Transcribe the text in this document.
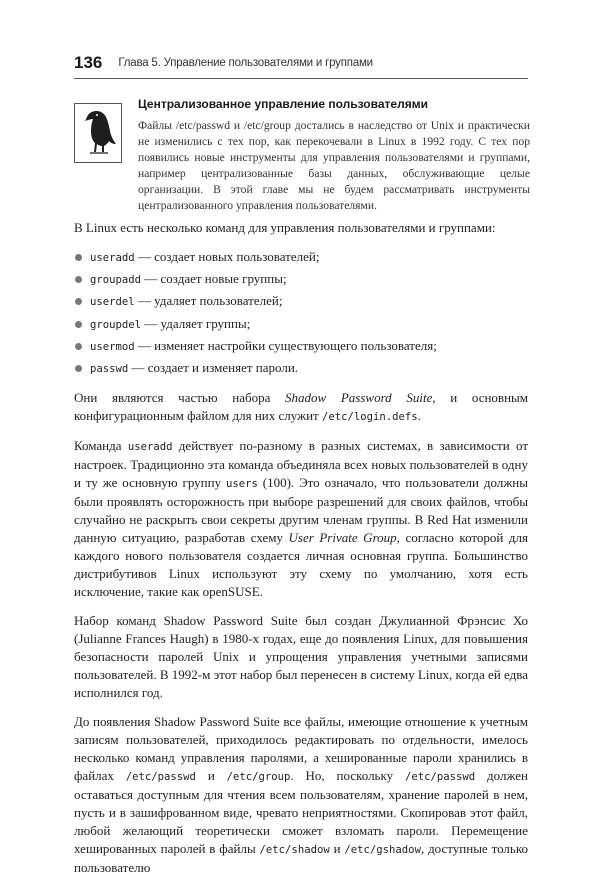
136 Глава 5. Управление пользователями и группами
Централизованное управление пользователями

Файлы /etc/passwd и /etc/group достались в наследство от Unix и практически не изменились с тех пор, как перекочевали в Linux в 1992 году. С тех пор появились новые инструменты для управления пользователями и группами, например централизованные базы данных, обслуживающие целые организации. В этой главе мы не будем рассматривать инструменты централизованного управления пользователями.

В Linux есть несколько команд для управления пользователями и группами:

useradd — создает новых пользователей;
groupadd — создает новые группы;
userdel — удаляет пользователей;
groupdel — удаляет группы;
usermod — изменяет настройки существующего пользователя;
passwd — создает и изменяет пароли.

Они являются частью набора Shadow Password Suite, и основным конфигурационным файлом для них служит /etc/login.defs.

Команда useradd действует по-разному в разных системах, в зависимости от настроек. Традиционно эта команда объединяла всех новых пользователей в одну и ту же основную группу users (100). Это означало, что пользователи должны были проявлять осторожность при выборе разрешений для своих файлов, чтобы случайно не раскрыть свои секреты другим членам группы. В Red Hat изменили данную ситуацию, разработав схему User Private Group, согласно которой для каждого нового пользователя создается личная основная группа. Большинство дистрибутивов Linux используют эту схему по умолчанию, хотя есть исключение, такие как openSUSE.

Набор команд Shadow Password Suite был создан Джулианной Фрэнсис Хо (Julianne Frances Haugh) в 1980-х годах, еще до появления Linux, для повышения безопасности паролей Unix и упрощения управления учетными записями пользователей. В 1992-м этот набор был перенесен в систему Linux, когда ей едва исполнился год.

До появления Shadow Password Suite все файлы, имеющие отношение к учетным записям пользователей, приходилось редактировать по отдельности, имелось несколько команд управления паролями, а хешированные пароли хранились в файлах /etc/passwd и /etc/group. Но, поскольку /etc/passwd должен оставаться доступным для чтения всем пользователям, хранение паролей в нем, пусть и в зашифрованном виде, чревато неприятностями. Скопировав этот файл, любой желающий теоретически сможет взломать пароли. Перемещение хешированных паролей в файлы /etc/shadow и /etc/gshadow, доступные только пользователю
